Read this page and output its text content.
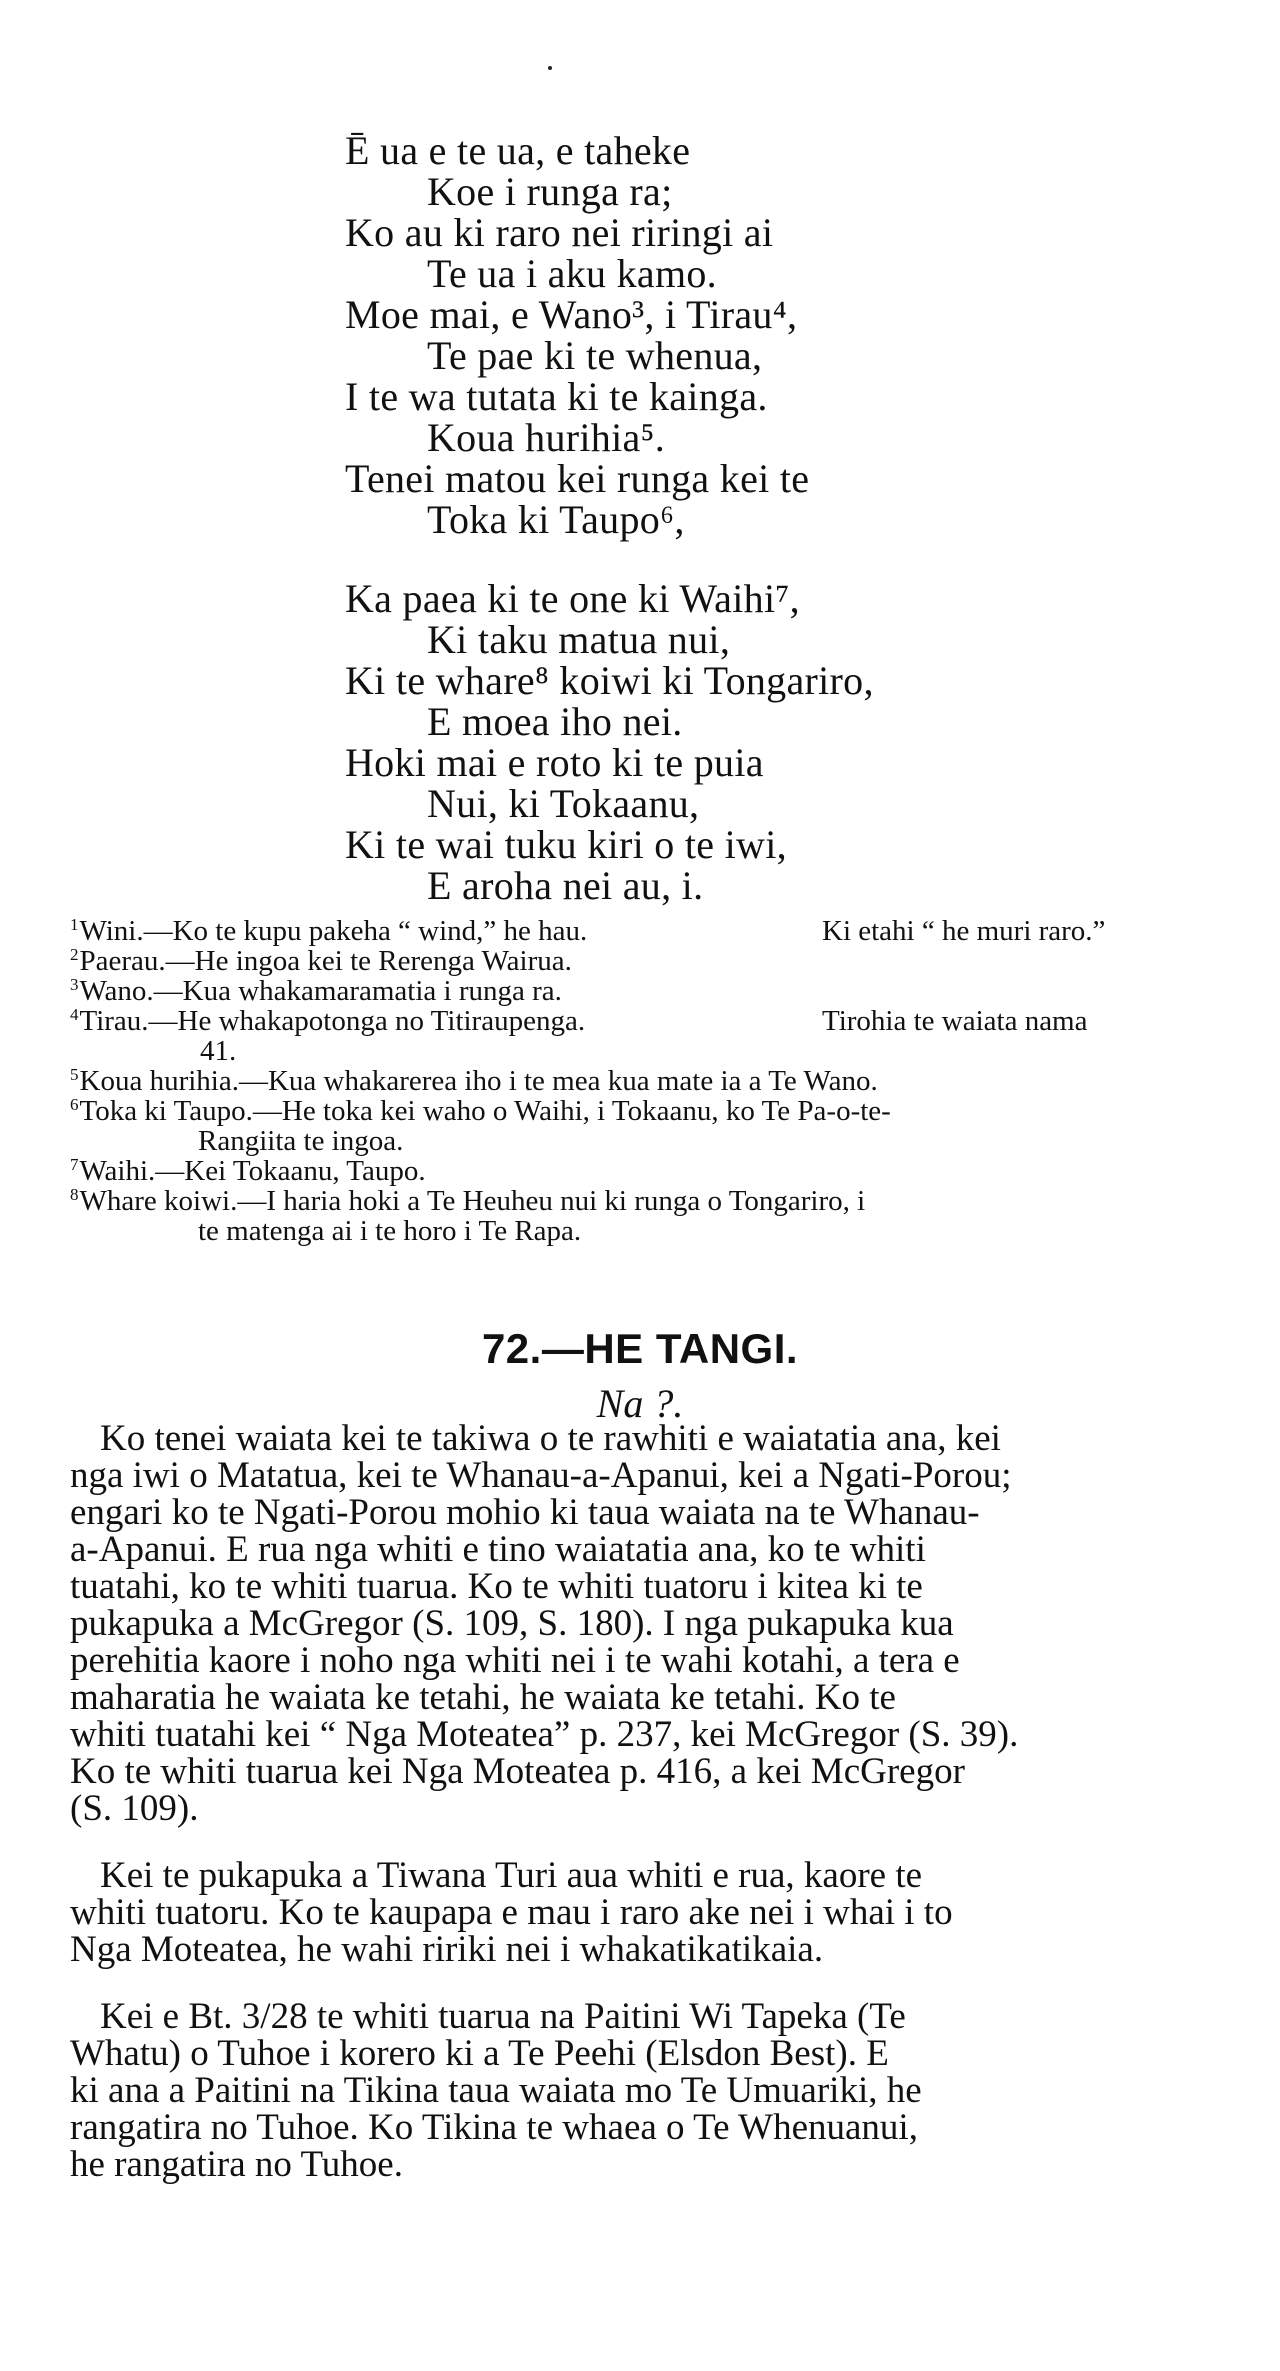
Ē ua e te ua, e taheke
Koe i runga ra;
Ko au ki raro nei riringi ai
Te ua i aku kamo.
Moe mai, e Wano³, i Tirau⁴,
Te pae ki te whenua,
I te wa tutata ki te kainga.
Koua hurihia⁵.
Tenei matou kei runga kei te
Toka ki Taupo⁶,
Ka paea ki te one ki Waihi⁷,
Ki taku matua nui,
Ki te whare⁸ koiwi ki Tongariro,
E moea iho nei.
Hoki mai e roto ki te puia
Nui, ki Tokaanu,
Ki te wai tuku kiri o te iwi,
E aroha nei au, i.
$^1$Wini.—Ko te kupu pakeha “ wind,” he hau.	Ki etahi “ he muri raro.”
$^2$Paerau.—He ingoa kei te Rerenga Wairua.
$^3$Wano.—Kua whakamaramatia i runga ra.
$^4$Tirau.—He whakapotonga no Titiraupenga.	Tirohia te waiata nama
41.
$^5$Koua hurihia.—Kua whakarerea iho i te mea kua mate ia a Te Wano.
$^6$Toka ki Taupo.—He toka kei waho o Waihi, i Tokaanu, ko Te Pa-o-te-
Rangiita te ingoa.
$^7$Waihi.—Kei Tokaanu, Taupo.
$^8$Whare koiwi.—I haria hoki a Te Heuheu nui ki runga o Tongariro, i
te matenga ai i te horo i Te Rapa.
72.—HE TANGI.
Na ?.
Ko tenei waiata kei te takiwa o te rawhiti e waiatatia ana, kei
nga iwi o Matatua, kei te Whanau-a-Apanui, kei a Ngati-Porou;
engari ko te Ngati-Porou mohio ki taua waiata na te Whanau-
a-Apanui. E rua nga whiti e tino waiatatia ana, ko te whiti
tuatahi, ko te whiti tuarua. Ko te whiti tuatoru i kitea ki te
pukapuka a McGregor (S. 109, S. 180). I nga pukapuka kua
perehitia kaore i noho nga whiti nei i te wahi kotahi, a tera e
maharatia he waiata ke tetahi, he waiata ke tetahi. Ko te
whiti tuatahi kei “ Nga Moteatea” p. 237, kei McGregor (S. 39).
Ko te whiti tuarua kei Nga Moteatea p. 416, a kei McGregor
(S. 109).
Kei te pukapuka a Tiwana Turi aua whiti e rua, kaore te
whiti tuatoru. Ko te kaupapa e mau i raro ake nei i whai i to
Nga Moteatea, he wahi ririki nei i whakatikatikaia.
Kei e Bt. 3/28 te whiti tuarua na Paitini Wi Tapeka (Te
Whatu) o Tuhoe i korero ki a Te Peehi (Elsdon Best). E
ki ana a Paitini na Tikina taua waiata mo Te Umuariki, he
rangatira no Tuhoe. Ko Tikina te whaea o Te Whenuanui,
he rangatira no Tuhoe.
